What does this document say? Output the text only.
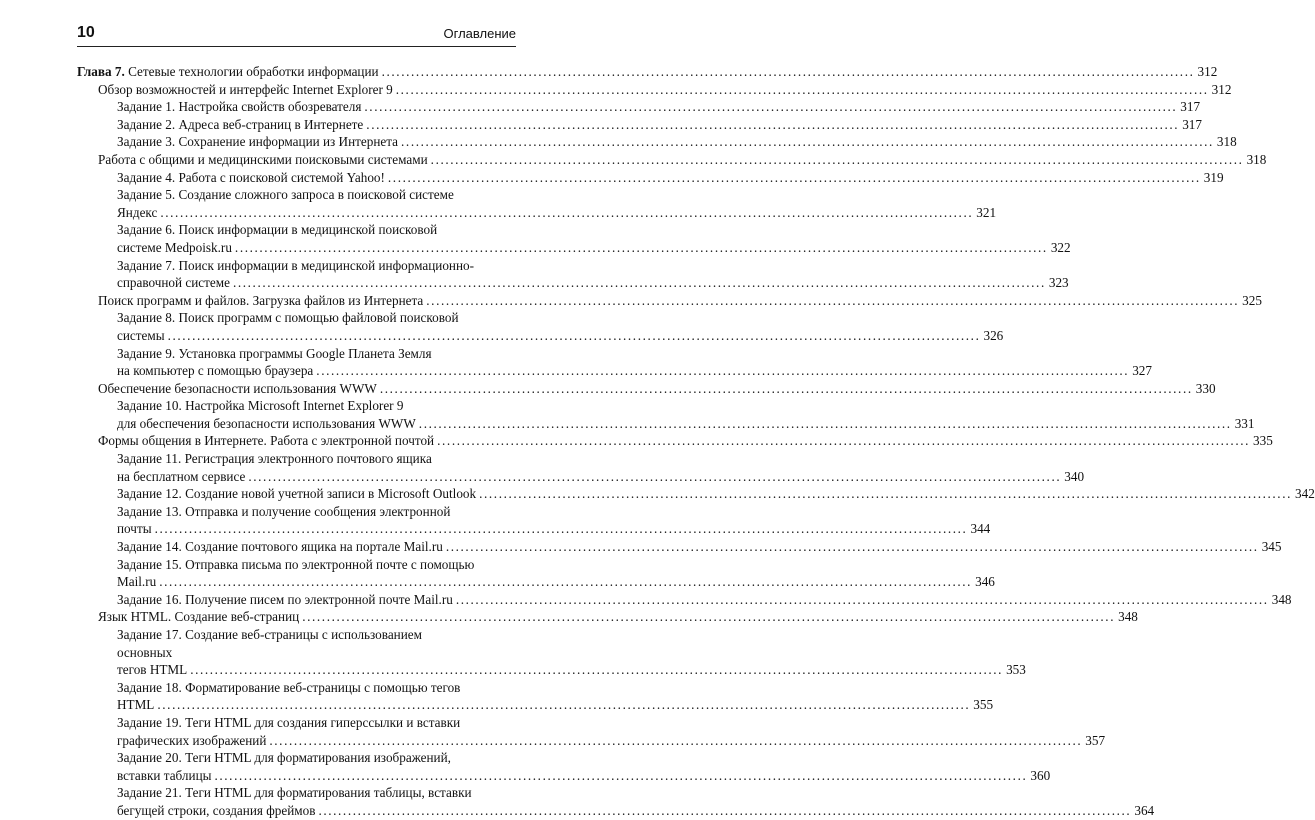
10	Оглавление
Глава 7. Сетевые технологии обработки информации .....	312
Обзор возможностей и интерфейс Internet Explorer 9 .....	312
Задание 1. Настройка свойств обозревателя .....	317
Задание 2. Адреса веб-страниц в Интернете .....	317
Задание 3. Сохранение информации из Интернета .....	318
Работа с общими и медицинскими поисковыми системами .....	318
Задание 4. Работа с поисковой системой Yahoo! .....	319
Задание 5. Создание сложного запроса в поисковой системе
Яндекс .....	321
Задание 6. Поиск информации в медицинской поисковой
системе Medpoisk.ru .....	322
Задание 7. Поиск информации в медицинской информационно-
справочной системе .....	323
Поиск программ и файлов. Загрузка файлов из Интернета .....	325
Задание 8. Поиск программ с помощью файловой поисковой
системы .....	326
Задание 9. Установка программы Google Планета Земля
на компьютер с помощью браузера .....	327
Обеспечение безопасности использования WWW .....	330
Задание 10. Настройка Microsoft Internet Explorer 9
для обеспечения безопасности использования WWW .....	331
Формы общения в Интернете. Работа с электронной почтой .....	335
Задание 11. Регистрация электронного почтового ящика
на бесплатном сервисе .....	340
Задание 12. Создание новой учетной записи в Microsoft Outlook .....	342
Задание 13. Отправка и получение сообщения электронной
почты .....	344
Задание 14. Создание почтового ящика на портале Mail.ru .....	345
Задание 15. Отправка письма по электронной почте с помощью
Mail.ru .....	346
Задание 16. Получение писем по электронной почте Mail.ru .....	348
Язык HTML. Создание веб-страниц .....	348
Задание 17. Создание веб-страницы с использованием основных
тегов HTML .....	353
Задание 18. Форматирование веб-страницы с помощью тегов
HTML .....	355
Задание 19. Теги HTML для создания гиперссылки и вставки
графических изображений .....	357
Задание 20. Теги HTML для форматирования изображений,
вставки таблицы .....	360
Задание 21. Теги HTML для форматирования таблицы, вставки
бегущей строки, создания фреймов .....	364
